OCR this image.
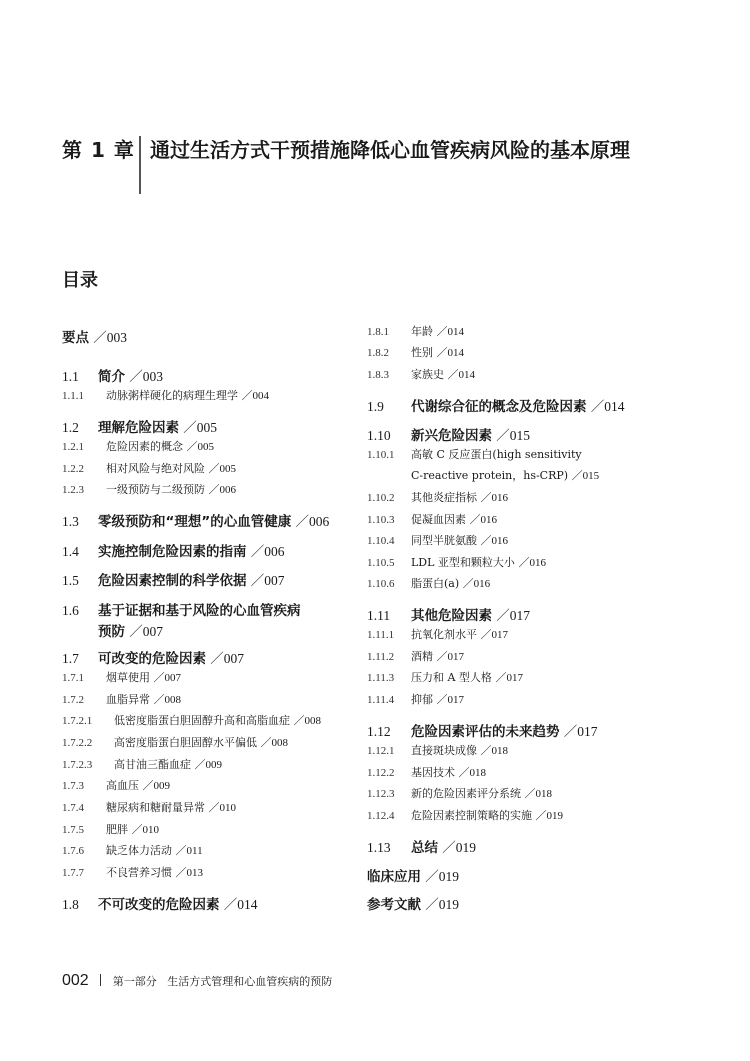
第 1 章 通过生活方式干预措施降低心血管疾病风险的基本原理
目录
要点 ／003
1.1 简介 ／003
1.1.1 动脉粥样硬化的病理生理学 ／004
1.2 理解危险因素 ／005
1.2.1 危险因素的概念 ／005
1.2.2 相对风险与绝对风险 ／005
1.2.3 一级预防与二级预防 ／006
1.3 零级预防和“理想”的心血管健康 ／006
1.4 实施控制危险因素的指南 ／006
1.5 危险因素控制的科学依据 ／007
1.6 基于证据和基于风险的心血管疾病
预防 ／007
1.7 可改变的危险因素 ／007
1.7.1 烟草使用 ／007
1.7.2 血脂异常 ／008
1.7.2.1 低密度脂蛋白胆固醇升高和高脂血症 ／008
1.7.2.2 高密度脂蛋白胆固醇水平偏低 ／008
1.7.2.3 高甘油三酯血症 ／009
1.7.3 高血压 ／009
1.7.4 糖尿病和糖耐量异常 ／010
1.7.5 肥胖 ／010
1.7.6 缺乏体力活动 ／011
1.7.7 不良营养习惯 ／013
1.8 不可改变的危险因素 ／014
1.8.1 年龄 ／014
1.8.2 性别 ／014
1.8.3 家族史 ／014
1.9 代谢综合征的概念及危险因素 ／014
1.10 新兴危险因素 ／015
1.10.1 高敏 C 反应蛋白(high sensitivity
C-reactive protein，hs-CRP) ／015
1.10.2 其他炎症指标 ／016
1.10.3 促凝血因素 ／016
1.10.4 同型半胱氨酸 ／016
1.10.5 LDL 亚型和颗粒大小 ／016
1.10.6 脂蛋白(a) ／016
1.11 其他危险因素 ／017
1.11.1 抗氧化剂水平 ／017
1.11.2 酒精 ／017
1.11.3 压力和 A 型人格 ／017
1.11.4 抑郁 ／017
1.12 危险因素评估的未来趋势 ／017
1.12.1 直接斑块成像 ／018
1.12.2 基因技术 ／018
1.12.3 新的危险因素评分系统 ／018
1.12.4 危险因素控制策略的实施 ／019
1.13 总结 ／019
临床应用 ／019
参考文献 ／019
002 第一部分 生活方式管理和心血管疾病的预防
